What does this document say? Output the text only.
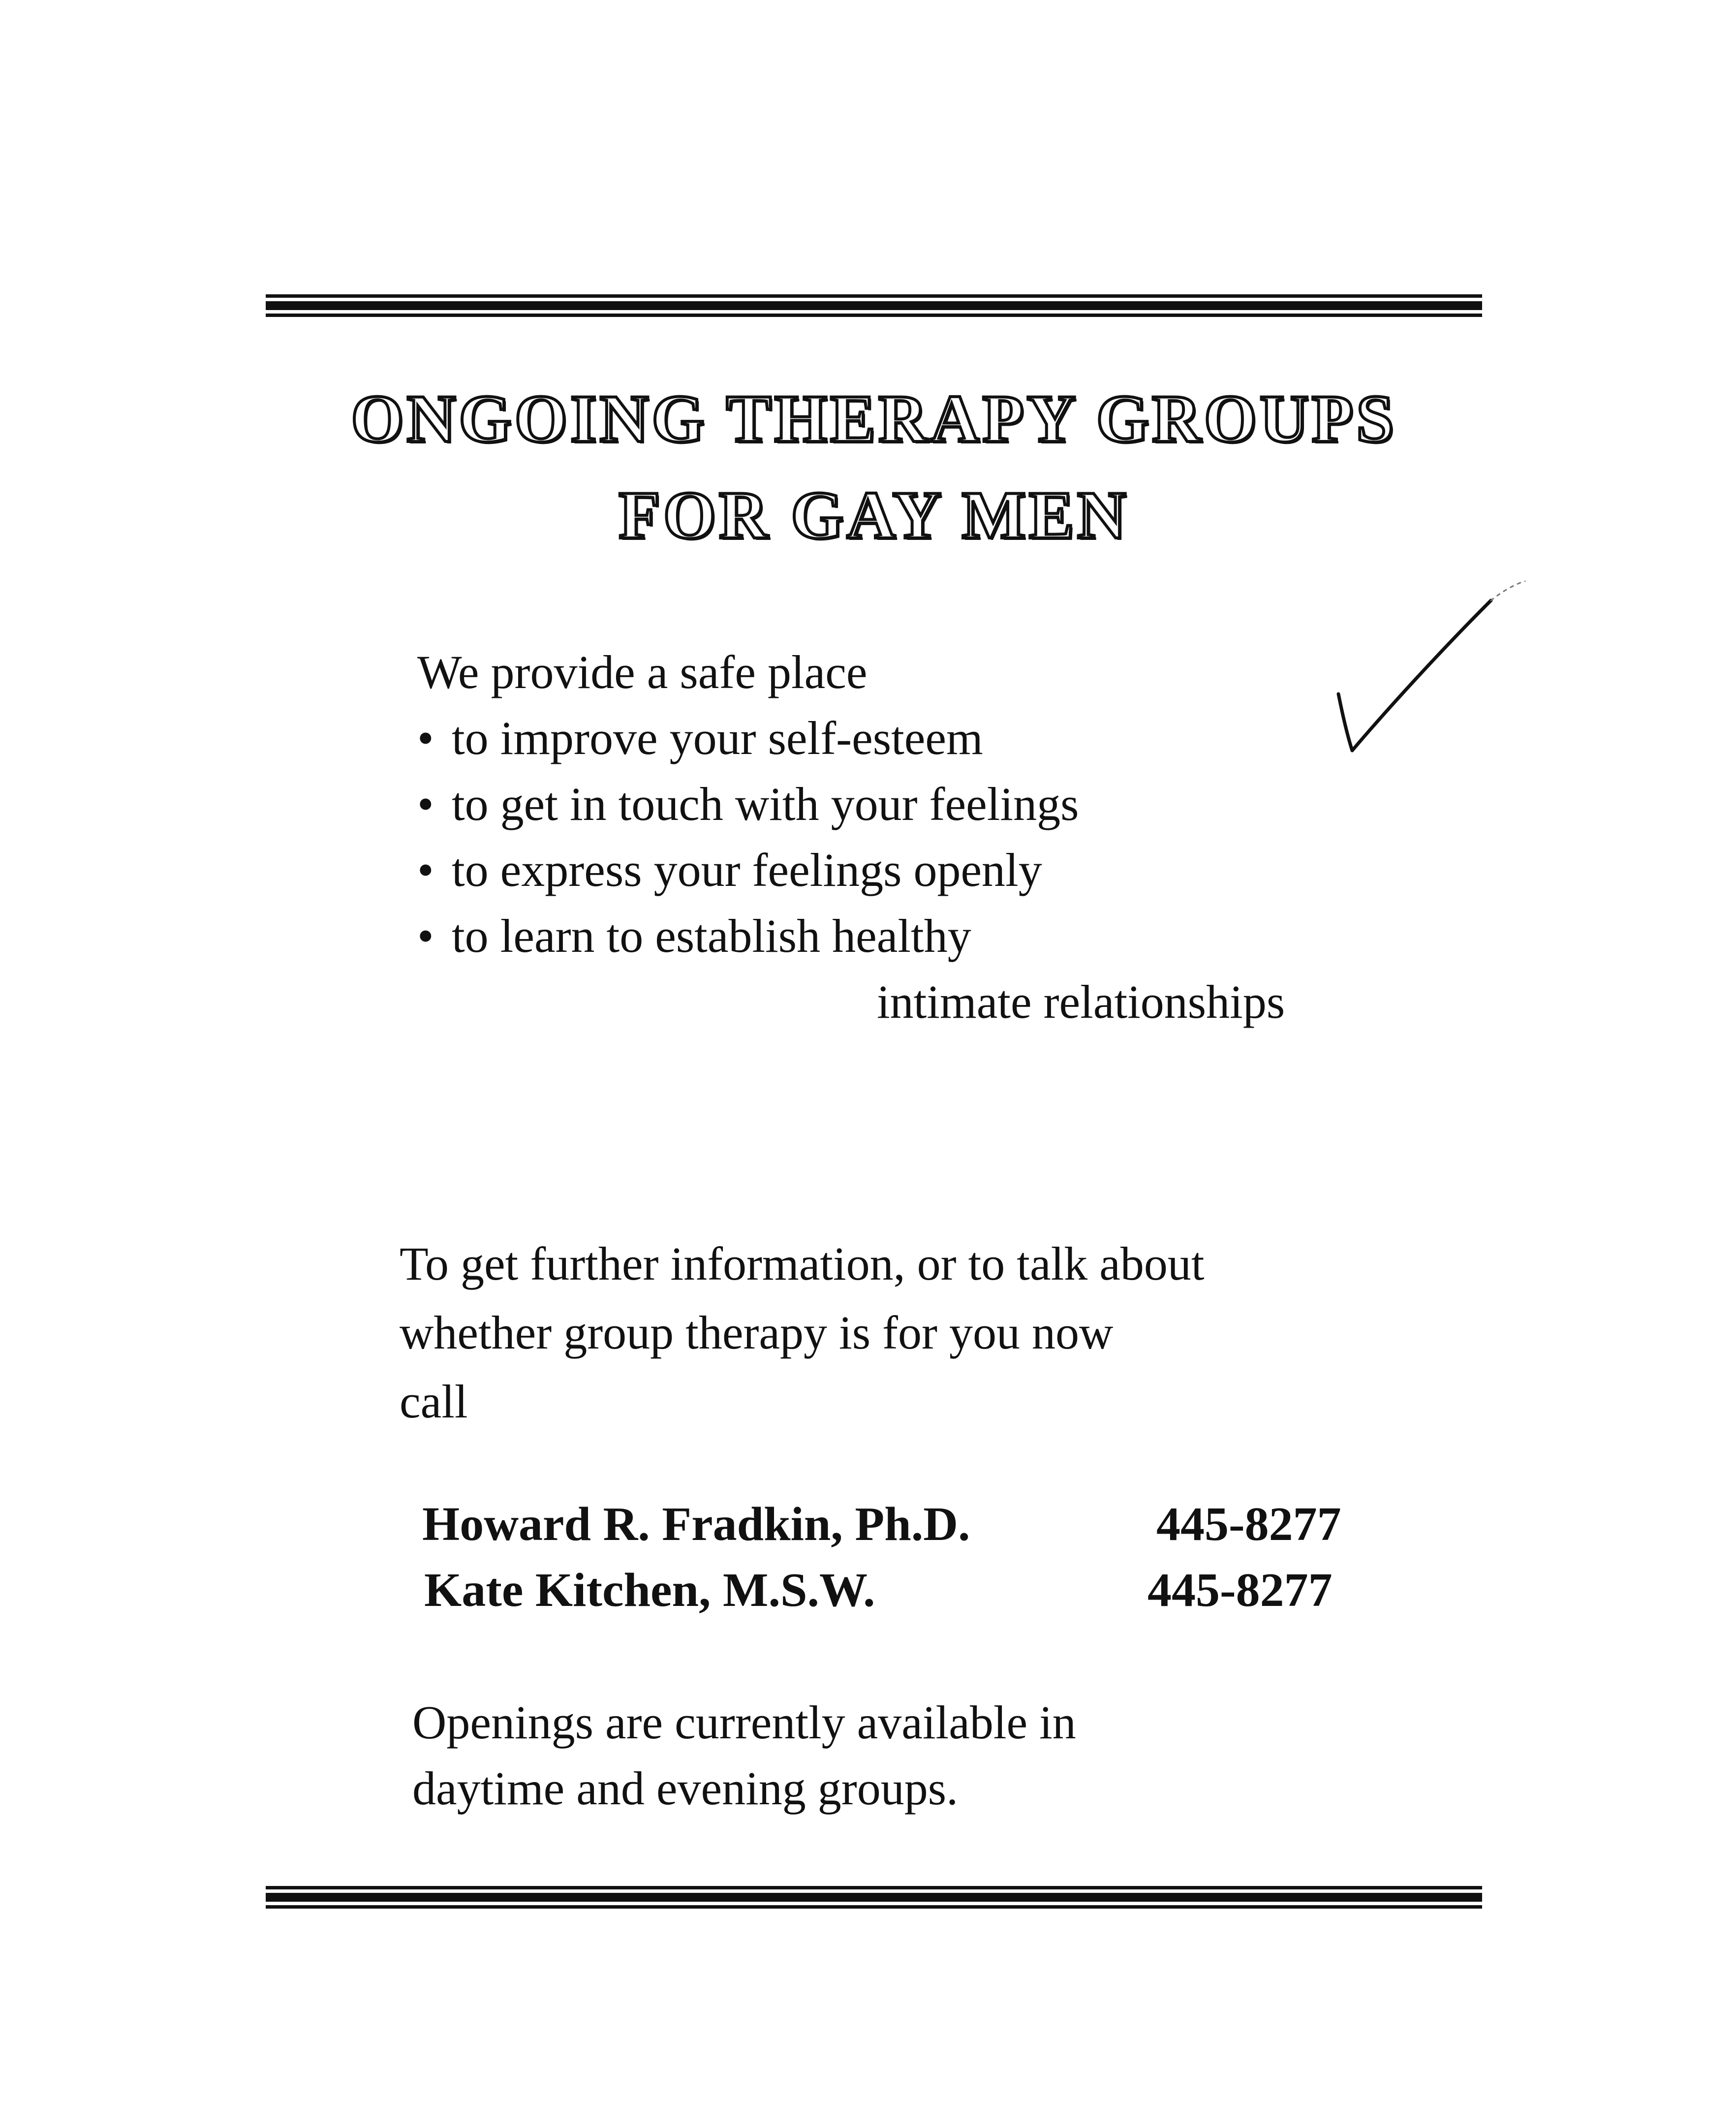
ONGOING THERAPY GROUPS
FOR GAY MEN
We provide a safe place
• to improve your self-esteem
• to get in touch with your feelings
• to express your feelings openly
• to learn to establish healthy
intimate relationships
To get further information, or to talk about
whether group therapy is for you now
call
Howard R. Fradkin, Ph.D.	445-8277
Kate Kitchen, M.S.W.	445-8277
Openings are currently available in
daytime and evening groups.
